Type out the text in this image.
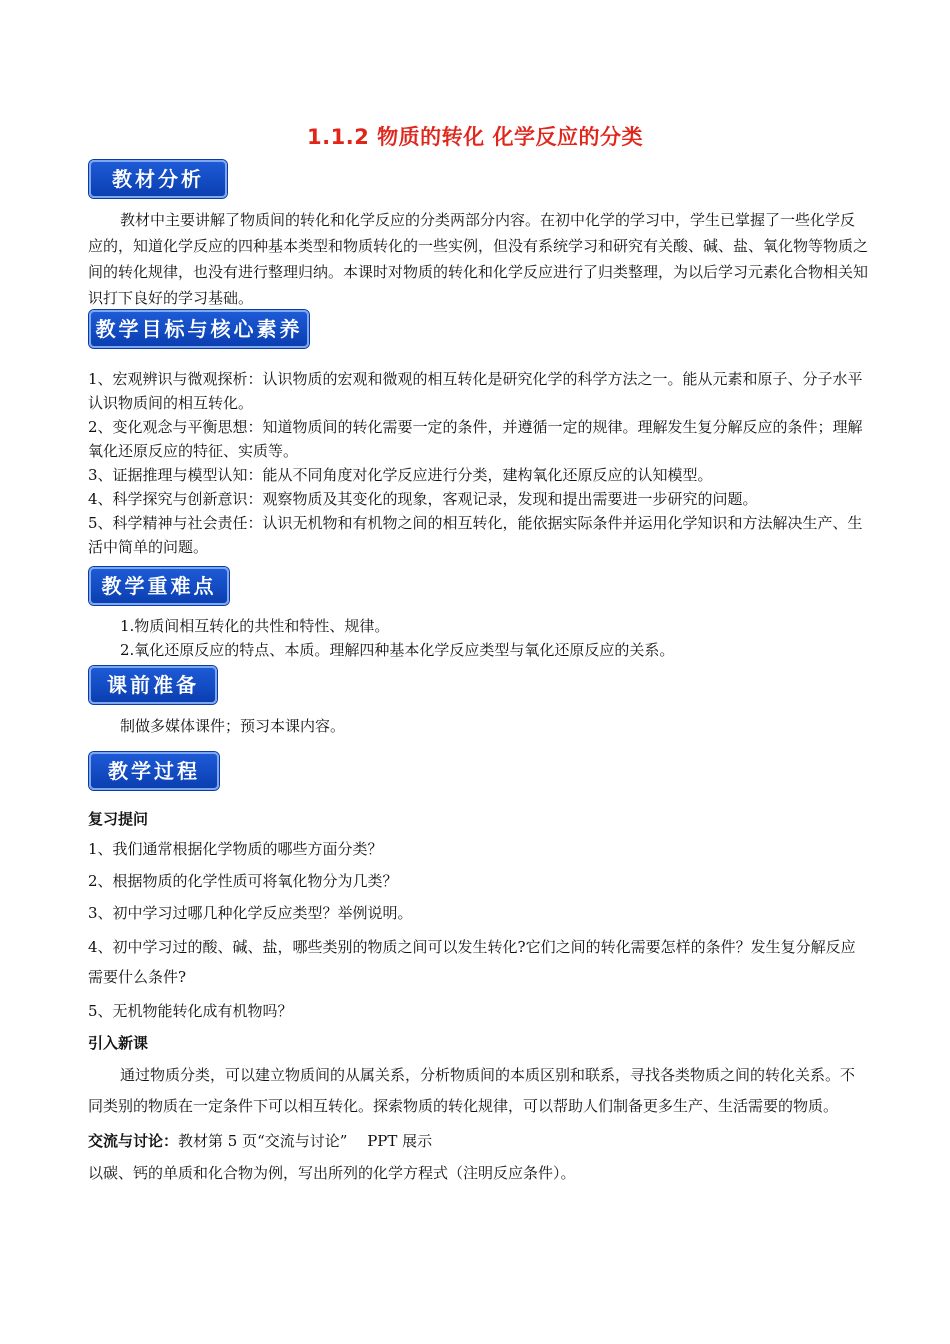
1.1.2 物质的转化 化学反应的分类
教材分析
教材中主要讲解了物质间的转化和化学反应的分类两部分内容。在初中化学的学习中，学生已掌握了一些化学反应的，知道化学反应的四种基本类型和物质转化的一些实例，但没有系统学习和研究有关酸、碱、盐、氧化物等物质之间的转化规律，也没有进行整理归纳。本课时对物质的转化和化学反应进行了归类整理，为以后学习元素化合物相关知识打下良好的学习基础。
教学目标与核心素养

1、宏观辨识与微观探析：认识物质的宏观和微观的相互转化是研究化学的科学方法之一。能从元素和原子、分子水平认识物质间的相互转化。

2、变化观念与平衡思想：知道物质间的转化需要一定的条件，并遵循一定的规律。理解发生复分解反应的条件；理解氧化还原反应的特征、实质等。

3、证据推理与模型认知：能从不同角度对化学反应进行分类，建构氧化还原反应的认知模型。

4、科学探究与创新意识：观察物质及其变化的现象，客观记录，发现和提出需要进一步研究的问题。

5、科学精神与社会责任：认识无机物和有机物之间的相互转化，能依据实际条件并运用化学知识和方法解决生产、生活中简单的问题。

教学重难点

1.物质间相互转化的共性和特性、规律。

2.氧化还原反应的特点、本质。理解四种基本化学反应类型与氧化还原反应的关系。

课前准备
制做多媒体课件；预习本课内容。
教学过程
复习提问

1、我们通常根据化学物质的哪些方面分类？

2、根据物质的化学性质可将氧化物分为几类？

3、初中学习过哪几种化学反应类型？举例说明。

4、初中学习过的酸、碱、盐，哪些类别的物质之间可以发生转化?它们之间的转化需要怎样的条件？发生复分解反应需要什么条件?

5、无机物能转化成有机物吗？

引入新课

通过物质分类，可以建立物质间的从属关系，分析物质间的本质区别和联系，寻找各类物质之间的转化关系。不同类别的物质在一定条件下可以相互转化。探索物质的转化规律，可以帮助人们制备更多生产、生活需要的物质。

交流与讨论：教材第 5 页“交流与讨论”　 PPT 展示

以碳、钙的单质和化合物为例，写出所列的化学方程式（注明反应条件）。
